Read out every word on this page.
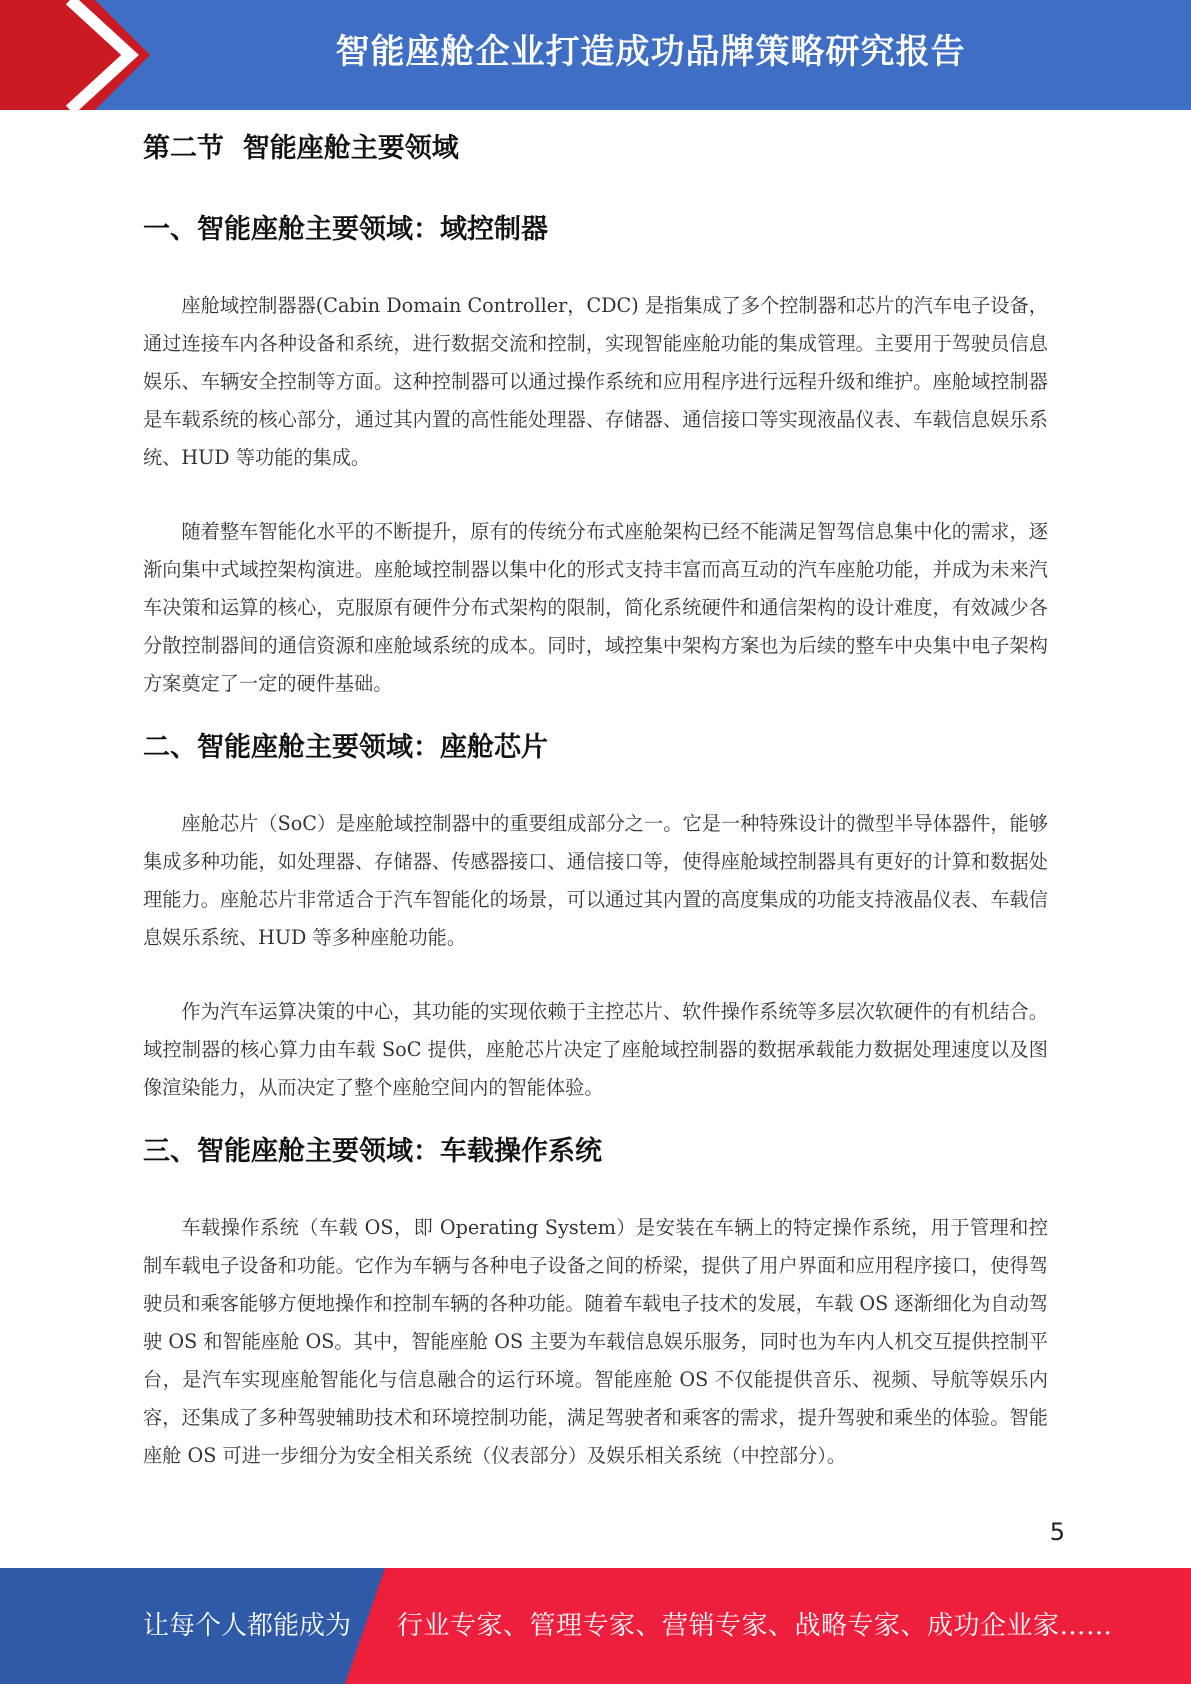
智能座舱企业打造成功品牌策略研究报告
第二节  智能座舱主要领域
一、智能座舱主要领域：域控制器

座舱域控制器器(Cabin Domain Controller，CDC) 是指集成了多个控制器和芯片的汽车电子设备，通过连接车内各种设备和系统，进行数据交流和控制，实现智能座舱功能的集成管理。主要用于驾驶员信息娱乐、车辆安全控制等方面。这种控制器可以通过操作系统和应用程序进行远程升级和维护。座舱域控制器是车载系统的核心部分，通过其内置的高性能处理器、存储器、通信接口等实现液晶仪表、车载信息娱乐系统、HUD 等功能的集成。

随着整车智能化水平的不断提升，原有的传统分布式座舱架构已经不能满足智驾信息集中化的需求，逐渐向集中式域控架构演进。座舱域控制器以集中化的形式支持丰富而高互动的汽车座舱功能，并成为未来汽车决策和运算的核心，克服原有硬件分布式架构的限制，简化系统硬件和通信架构的设计难度，有效减少各分散控制器间的通信资源和座舱域系统的成本。同时，域控集中架构方案也为后续的整车中央集中电子架构方案奠定了一定的硬件基础。

二、智能座舱主要领域：座舱芯片

座舱芯片（SoC）是座舱域控制器中的重要组成部分之一。它是一种特殊设计的微型半导体器件，能够集成多种功能，如处理器、存储器、传感器接口、通信接口等，使得座舱域控制器具有更好的计算和数据处理能力。座舱芯片非常适合于汽车智能化的场景，可以通过其内置的高度集成的功能支持液晶仪表、车载信息娱乐系统、HUD 等多种座舱功能。

作为汽车运算决策的中心，其功能的实现依赖于主控芯片、软件操作系统等多层次软硬件的有机结合。域控制器的核心算力由车载 SoC 提供，座舱芯片决定了座舱域控制器的数据承载能力数据处理速度以及图像渲染能力，从而决定了整个座舱空间内的智能体验。

三、智能座舱主要领域：车载操作系统

车载操作系统（车载 OS，即 Operating System）是安装在车辆上的特定操作系统，用于管理和控制车载电子设备和功能。它作为车辆与各种电子设备之间的桥梁，提供了用户界面和应用程序接口，使得驾驶员和乘客能够方便地操作和控制车辆的各种功能。随着车载电子技术的发展，车载 OS 逐渐细化为自动驾驶 OS 和智能座舱 OS。其中，智能座舱 OS 主要为车载信息娱乐服务，同时也为车内人机交互提供控制平台，是汽车实现座舱智能化与信息融合的运行环境。智能座舱 OS 不仅能提供音乐、视频、导航等娱乐内容，还集成了多种驾驶辅助技术和环境控制功能，满足驾驶者和乘客的需求，提升驾驶和乘坐的体验。智能座舱 OS 可进一步细分为安全相关系统（仪表部分）及娱乐相关系统（中控部分）。

5
让每个人都能成为 行业专家、管理专家、营销专家、战略专家、成功企业家……
